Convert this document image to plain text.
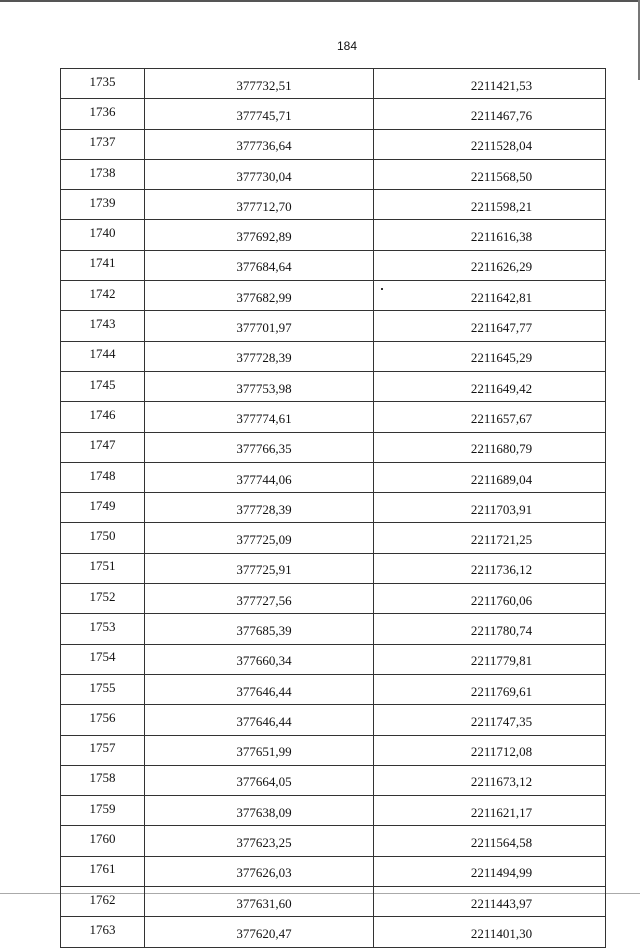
184
1735	377732,51	2211421,53
1736	377745,71	2211467,76
1737	377736,64	2211528,04
1738	377730,04	2211568,50
1739	377712,70	2211598,21
1740	377692,89	2211616,38
1741	377684,64	2211626,29
1742	377682,99	2211642,81
1743	377701,97	2211647,77
1744	377728,39	2211645,29
1745	377753,98	2211649,42
1746	377774,61	2211657,67
1747	377766,35	2211680,79
1748	377744,06	2211689,04
1749	377728,39	2211703,91
1750	377725,09	2211721,25
1751	377725,91	2211736,12
1752	377727,56	2211760,06
1753	377685,39	2211780,74
1754	377660,34	2211779,81
1755	377646,44	2211769,61
1756	377646,44	2211747,35
1757	377651,99	2211712,08
1758	377664,05	2211673,12
1759	377638,09	2211621,17
1760	377623,25	2211564,58
1761	377626,03	2211494,99
1762	377631,60	2211443,97
1763	377620,47	2211401,30
